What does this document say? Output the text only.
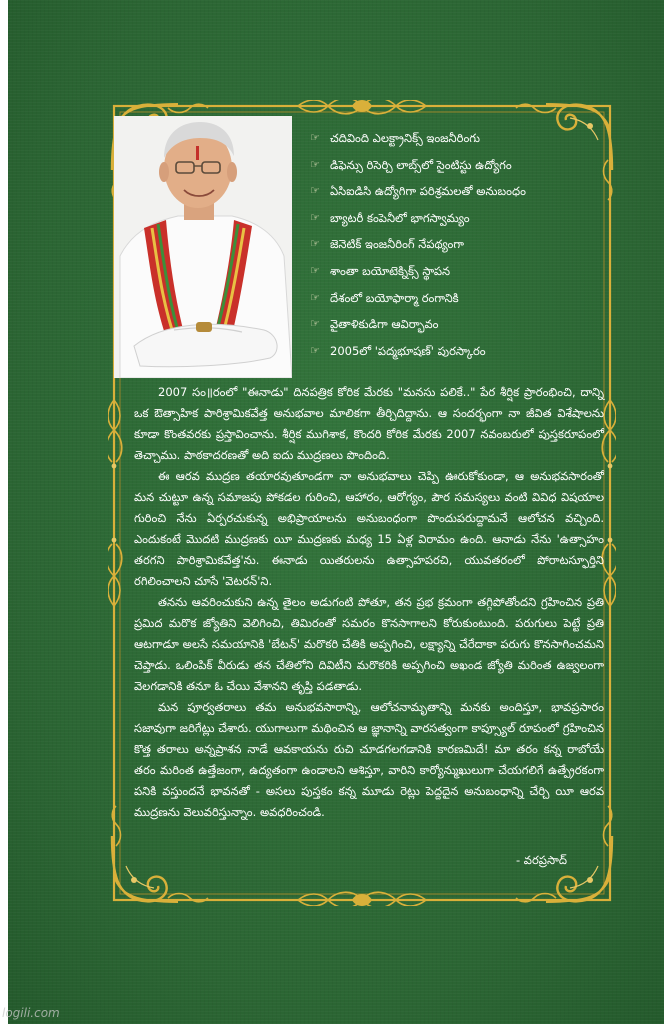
☞ చదివింది ఎలక్ట్రానిక్స్ ఇంజనీరింగు
☞ డిఫెన్సు రిసెర్చి లాబ్స్‌లో సైంటిస్టు ఉద్యోగం
☞ ఏసిఐడిసి ఉద్యోగిగా పరిశ్రమలతో అనుబంధం
☞ బ్యాటరీ కంపెనీలో భాగస్వామ్యం
☞ జెనెటిక్ ఇంజనీరింగ్ నేపథ్యంగా
☞ శాంతా బయోటెక్నిక్స్ స్థాపన
☞ దేశంలో బయోఫార్మా రంగానికి
☞ వైతాళికుడిగా ఆవిర్భావం
☞ 2005లో 'పద్మభూషణ్' పురస్కారం

2007 సం॥రంలో "ఈనాడు" దినపత్రిక కోరిక మేరకు "మనసు పలికే.." పేర శీర్షిక ప్రారంభించి, దాన్ని ఒక ఔత్సాహిక పారిశ్రామికవేత్త అనుభవాల మాలికగా తీర్చిదిద్దాను. ఆ సందర్భంగా నా జీవిత విశేషాలను కూడా కొంతవరకు ప్రస్తావించాను. శీర్షిక ముగిశాక, కొందరి కోరిక మేరకు 2007 నవంబరులో పుస్తకరూపంలో తెచ్చాము. పాఠకాదరణతో అది ఐదు ముద్రణలు పొందింది.

ఈ ఆరవ ముద్రణ తయారవుతూండగా నా అనుభవాలు చెప్పి ఊరుకోకుండా, ఆ అనుభవసారంతో మన చుట్టూ ఉన్న సమాజపు పోకడల గురించి, ఆహారం, ఆరోగ్యం, పౌర సమస్యలు వంటి వివిధ విషయాల గురించి నేను ఏర్పరచుకున్న అభిప్రాయాలను అనుబంధంగా పొందుపరుద్దామనే ఆలోచన వచ్చింది. ఎందుకంటే మొదటి ముద్రణకు యీ ముద్రణకు మధ్య 15 ఏళ్ల విరామం ఉంది. ఆనాడు నేను 'ఉత్సాహం తరగని పారిశ్రామికవేత్త'ను. ఈనాడు యితరులను ఉత్సాహపరచి, యువతరంలో పోరాటస్ఫూర్తిని రగిలించాలని చూసే 'వెటరన్'ని.

తనను ఆవరించుకుని ఉన్న తైలం అడుగంటి పోతూ, తన ప్రభ క్రమంగా తగ్గిపోతోందని గ్రహించిన ప్రతి ప్రమిద మరొక జ్యోతిని వెలిగించి, తిమిరంతో సమరం కొనసాగాలని కోరుకుంటుంది. పరుగులు పెట్టే ప్రతి ఆటగాడూ అలసే సమయానికి 'బేటన్' మరొకరి చేతికి అప్పగించి, లక్ష్యాన్ని చేరేదాకా పరుగు కొనసాగించమని చెప్తాడు. ఒలింపిక్ వీరుడు తన చేతిలోని దివిటీని మరొకరికి అప్పగించి అఖండ జ్యోతి మరింత ఉజ్వలంగా వెలగడానికి తనూ ఓ చేయి వేశానని తృప్తి పడతాడు.

మన పూర్వతరాలు తమ అనుభవసారాన్ని, ఆలోచనామృతాన్ని మనకు అందిస్తూ, భావప్రసారం సజావుగా జరిగేట్లు చేశారు. యుగాలుగా మథించిన ఆ జ్ఞానాన్ని వారసత్వంగా కాప్స్యూల్ రూపంలో గ్రహించిన కొత్త తరాలు అన్నప్రాశన నాడే ఆవకాయను రుచి చూడగలగడానికి కారణమిదే! మా తరం కన్న రాబోయే తరం మరింత ఉత్తేజంగా, ఉద్యతంగా ఉండాలని ఆశిస్తూ, వారిని కార్యోన్ముఖులుగా చేయగలిగే ఉత్ప్రేరకంగా పనికి వస్తుందనే భావనతో - అసలు పుస్తకం కన్న మూడు రెట్లు పెద్దదైన అనుబంధాన్ని చేర్చి యీ ఆరవ ముద్రణను వెలువరిస్తున్నాం. అవధరించండి.

- వరప్రసాద్
logili.com
